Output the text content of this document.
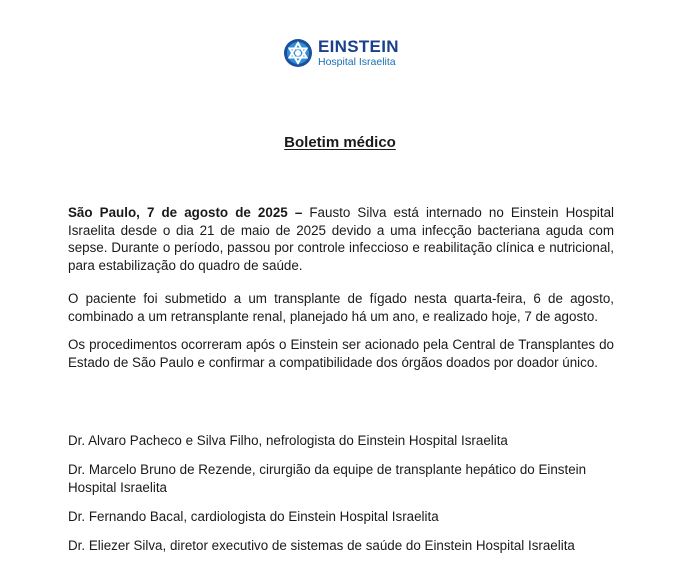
EINSTEIN
Hospital Israelita
Boletim médico

São Paulo, 7 de agosto de 2025 – Fausto Silva está internado no Einstein Hospital Israelita desde o dia 21 de maio de 2025 devido a uma infecção bacteriana aguda com sepse. Durante o período, passou por controle infeccioso e reabilitação clínica e nutricional, para estabilização do quadro de saúde.

O paciente foi submetido a um transplante de fígado nesta quarta-feira, 6 de agosto, combinado a um retransplante renal, planejado há um ano, e realizado hoje, 7 de agosto.

Os procedimentos ocorreram após o Einstein ser acionado pela Central de Transplantes do Estado de São Paulo e confirmar a compatibilidade dos órgãos doados por doador único.

Dr. Alvaro Pacheco e Silva Filho, nefrologista do Einstein Hospital Israelita

Dr. Marcelo Bruno de Rezende, cirurgião da equipe de transplante hepático do Einstein Hospital Israelita

Dr. Fernando Bacal, cardiologista do Einstein Hospital Israelita

Dr. Eliezer Silva, diretor executivo de sistemas de saúde do Einstein Hospital Israelita
